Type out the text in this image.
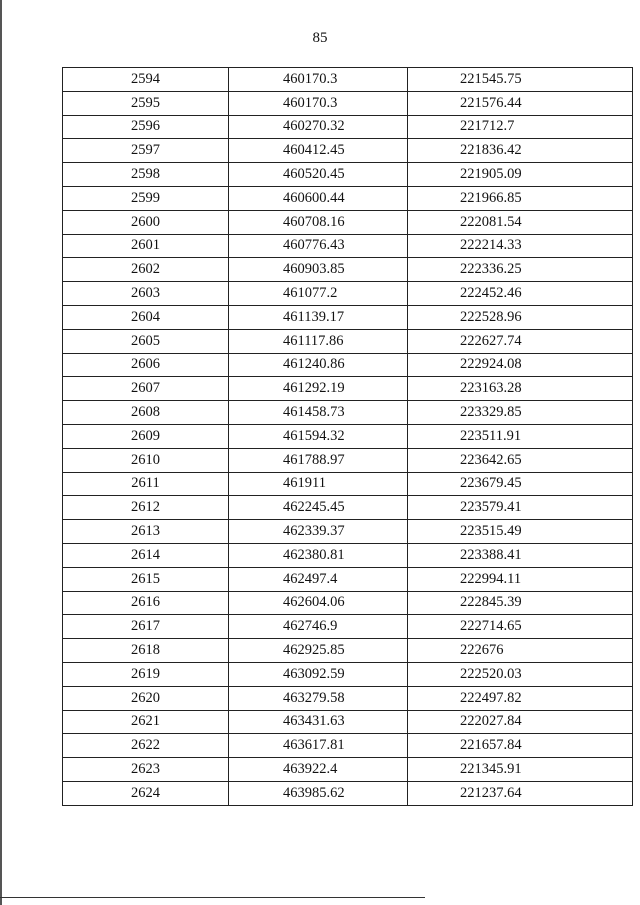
85
2594	460170.3	221545.75
2595	460170.3	221576.44
2596	460270.32	221712.7
2597	460412.45	221836.42
2598	460520.45	221905.09
2599	460600.44	221966.85
2600	460708.16	222081.54
2601	460776.43	222214.33
2602	460903.85	222336.25
2603	461077.2	222452.46
2604	461139.17	222528.96
2605	461117.86	222627.74
2606	461240.86	222924.08
2607	461292.19	223163.28
2608	461458.73	223329.85
2609	461594.32	223511.91
2610	461788.97	223642.65
2611	461911	223679.45
2612	462245.45	223579.41
2613	462339.37	223515.49
2614	462380.81	223388.41
2615	462497.4	222994.11
2616	462604.06	222845.39
2617	462746.9	222714.65
2618	462925.85	222676
2619	463092.59	222520.03
2620	463279.58	222497.82
2621	463431.63	222027.84
2622	463617.81	221657.84
2623	463922.4	221345.91
2624	463985.62	221237.64
